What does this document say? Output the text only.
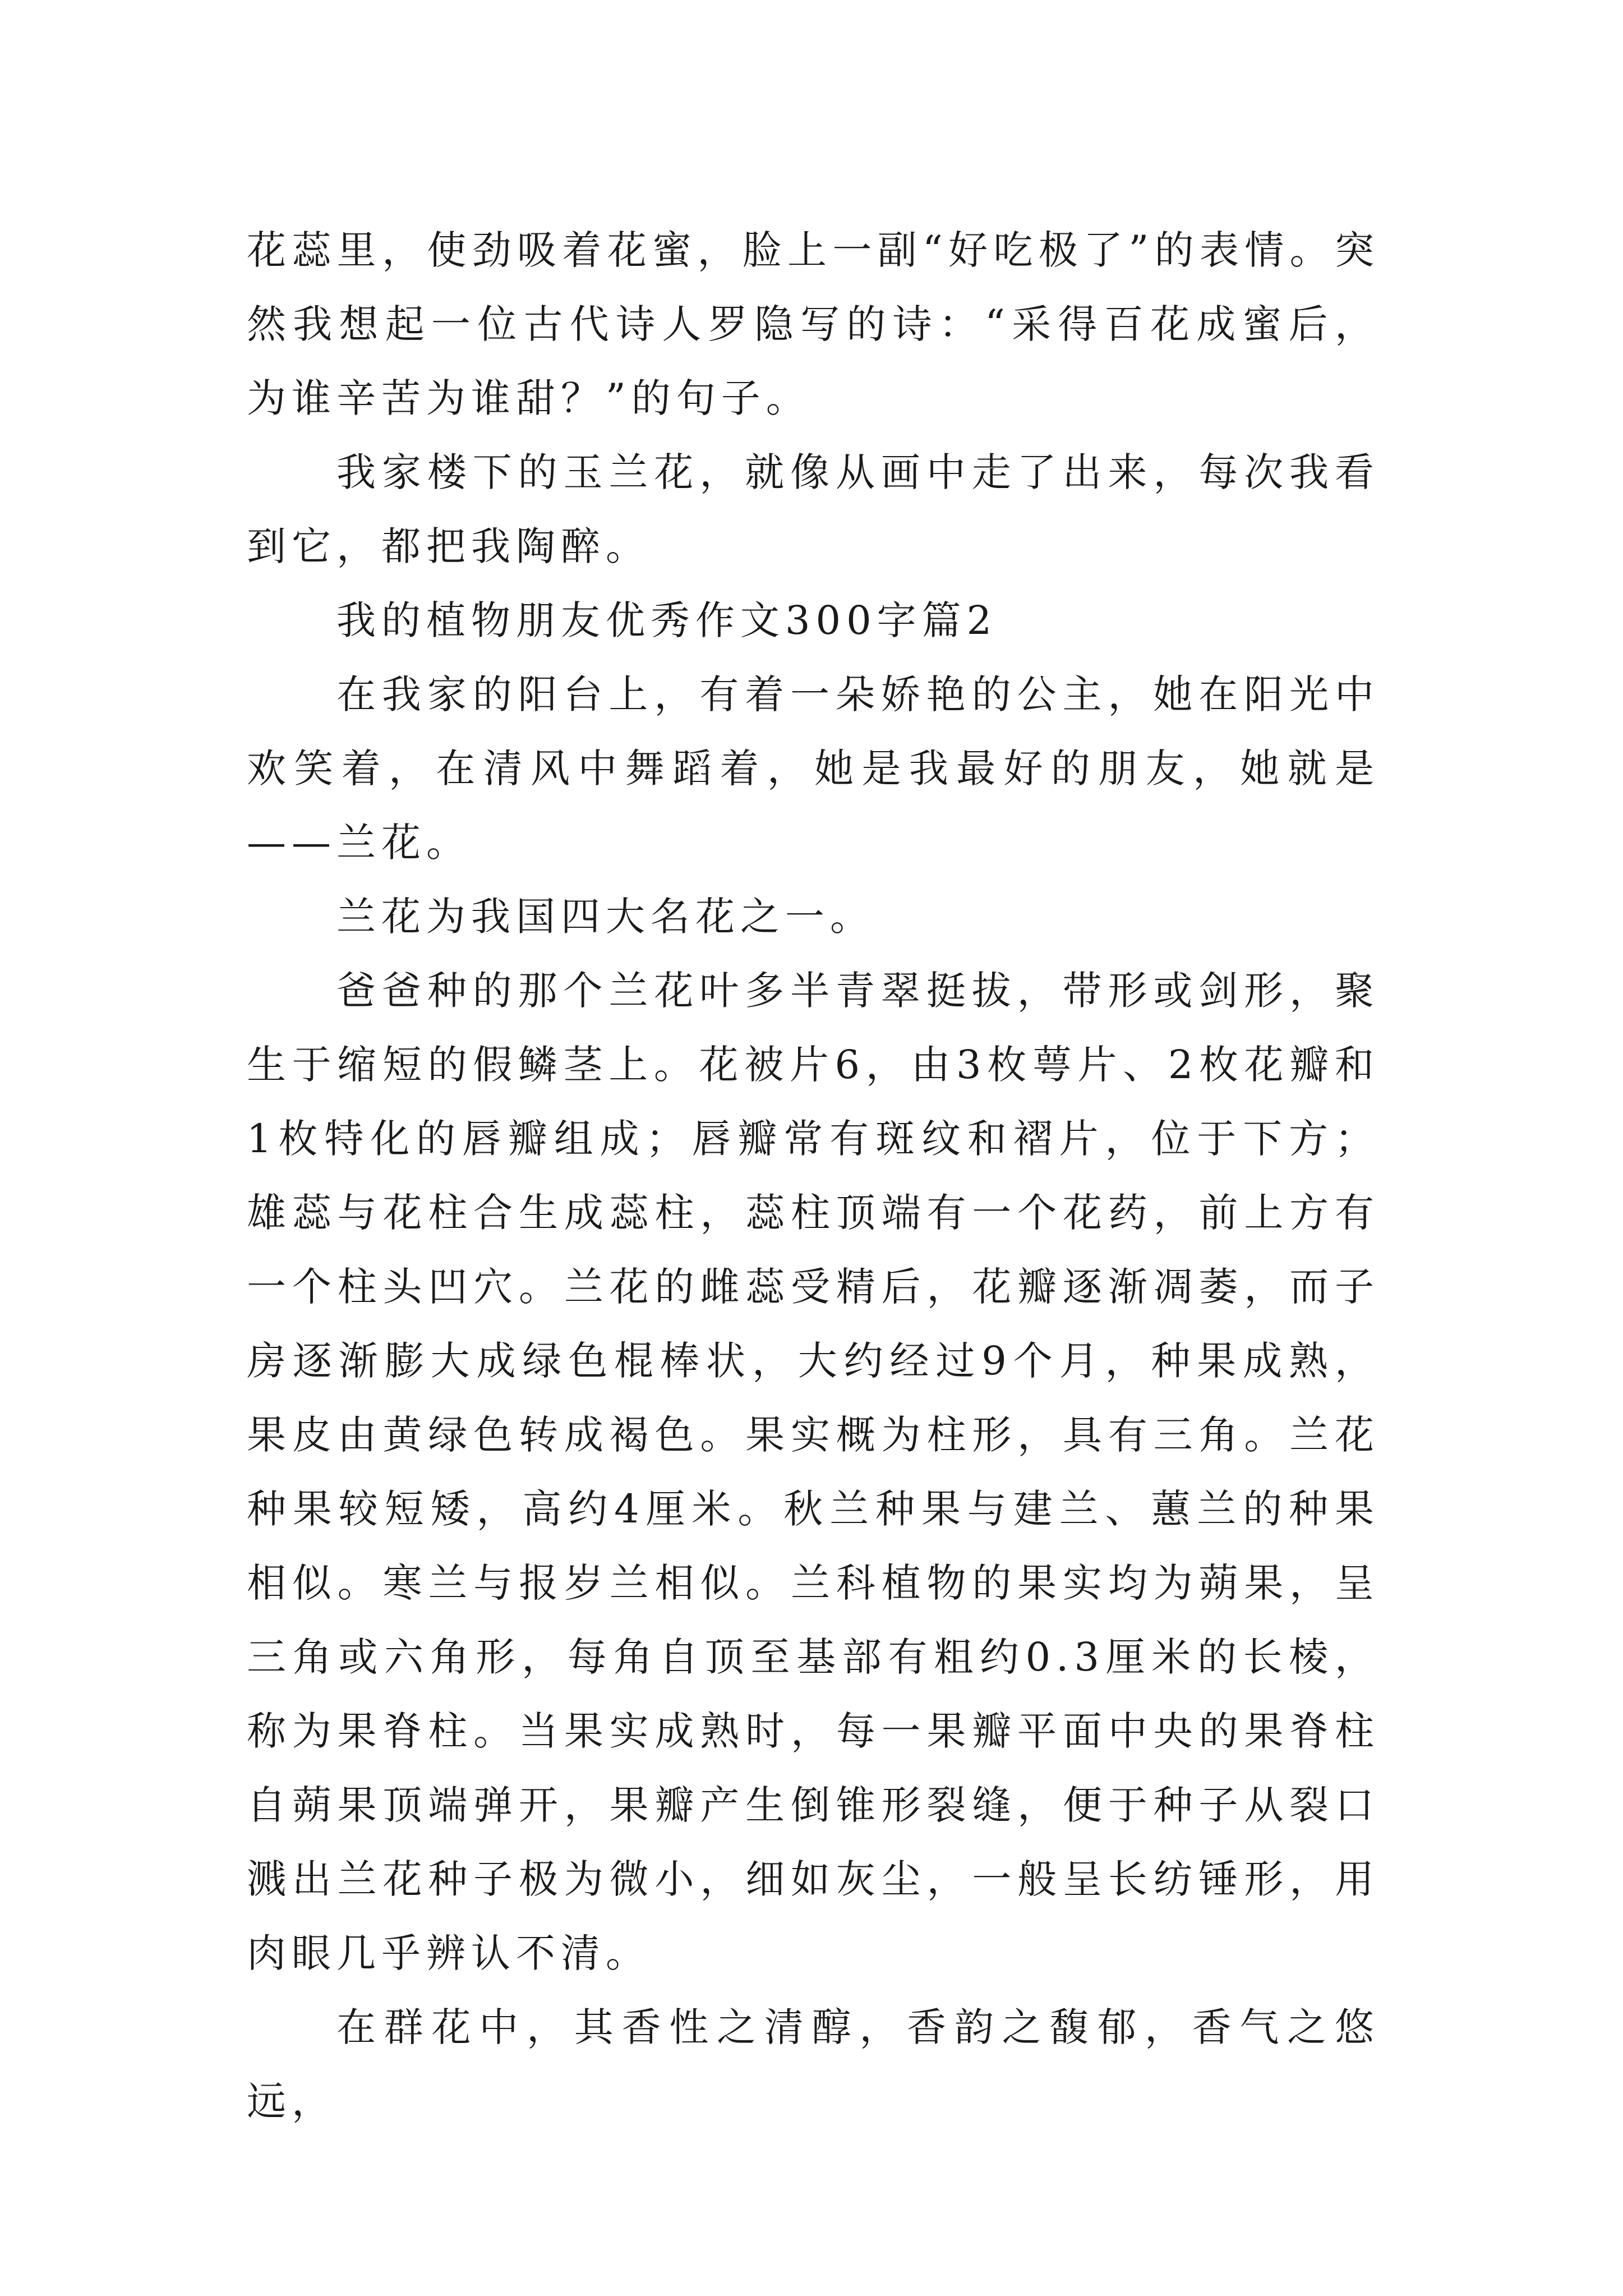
花蕊里，使劲吸着花蜜，脸上一副“好吃极了”的表情。突然我想起一位古代诗人罗隐写的诗：“采得百花成蜜后，为谁辛苦为谁甜？”的句子。

我家楼下的玉兰花，就像从画中走了出来，每次我看到它，都把我陶醉。

我的植物朋友优秀作文300字篇2

在我家的阳台上，有着一朵娇艳的公主，她在阳光中欢笑着，在清风中舞蹈着，她是我最好的朋友，她就是——兰花。

兰花为我国四大名花之一。

爸爸种的那个兰花叶多半青翠挺拔，带形或剑形，聚生于缩短的假鳞茎上。花被片6，由3枚萼片、2枚花瓣和1枚特化的唇瓣组成；唇瓣常有斑纹和褶片，位于下方；雄蕊与花柱合生成蕊柱，蕊柱顶端有一个花药，前上方有一个柱头凹穴。兰花的雌蕊受精后，花瓣逐渐凋萎，而子房逐渐膨大成绿色棍棒状，大约经过9个月，种果成熟，果皮由黄绿色转成褐色。果实概为柱形，具有三角。兰花种果较短矮，高约4厘米。秋兰种果与建兰、蕙兰的种果相似。寒兰与报岁兰相似。兰科植物的果实均为蒴果，呈三角或六角形，每角自顶至基部有粗约0.3厘米的长棱，称为果脊柱。当果实成熟时，每一果瓣平面中央的果脊柱自蒴果顶端弹开，果瓣产生倒锥形裂缝，便于种子从裂口溅出兰花种子极为微小，细如灰尘，一般呈长纺锤形，用肉眼几乎辨认不清。

在群花中，其香性之清醇，香韵之馥郁，香气之悠远，
